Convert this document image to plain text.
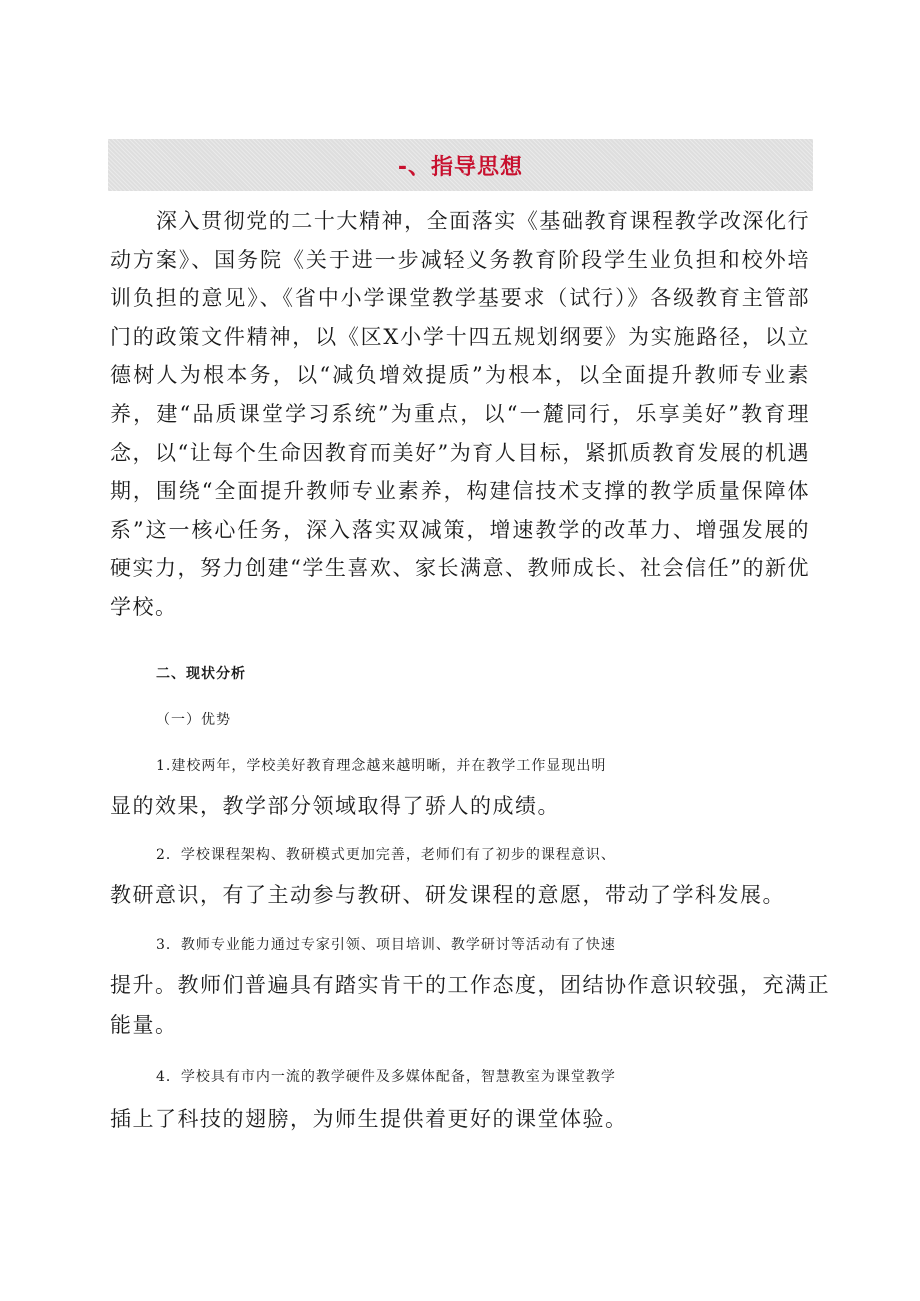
-、指导思想

深入贯彻党的二十大精神，全面落实《基础教育课程教学改深化行动方案》、国务院《关于进一步减轻义务教育阶段学生业负担和校外培训负担的意见》、《省中小学课堂教学基要求（试行）》各级教育主管部门的政策文件精神，以《区X小学十四五规划纲要》为实施路径，以立德树人为根本务，以“减负增效提质”为根本，以全面提升教师专业素养，建“品质课堂学习系统”为重点，以“一麓同行，乐享美好”教育理念，以“让每个生命因教育而美好”为育人目标，紧抓质教育发展的机遇期，围绕“全面提升教师专业素养，构建信技术支撑的教学质量保障体系”这一核心任务，深入落实双减策，增速教学的改革力、增强发展的硬实力，努力创建“学生喜欢、家长满意、教师成长、社会信任”的新优学校。

二、现状分析
（一）优势
1.建校两年，学校美好教育理念越来越明晰，并在教学工作显现出明
显的效果，教学部分领域取得了骄人的成绩。
2．学校课程架构、教研模式更加完善，老师们有了初步的课程意识、
教研意识，有了主动参与教研、研发课程的意愿，带动了学科发展。
3．教师专业能力通过专家引领、项目培训、教学研讨等活动有了快速
提升。教师们普遍具有踏实肯干的工作态度，团结协作意识较强，充满正
能量。
4．学校具有市内一流的教学硬件及多媒体配备，智慧教室为课堂教学
插上了科技的翅膀，为师生提供着更好的课堂体验。
